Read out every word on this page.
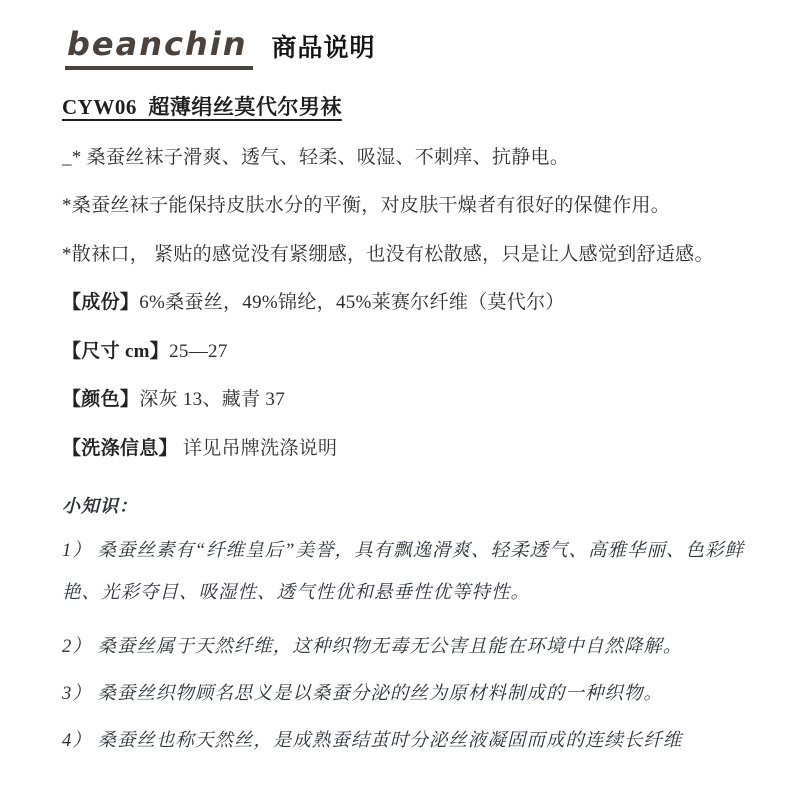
beanchin 商品说明
CYW06  超薄绢丝莫代尔男袜

_* 桑蚕丝袜子滑爽、透气、轻柔、吸湿、不刺痒、抗静电。

*桑蚕丝袜子能保持皮肤水分的平衡，对皮肤干燥者有很好的保健作用。

*散袜口， 紧贴的感觉没有紧绷感，也没有松散感，只是让人感觉到舒适感。

【成份】6%桑蚕丝，49%锦纶，45%莱赛尔纤维（莫代尔）

【尺寸 cm】25—27

【颜色】深灰 13、藏青 37

【洗涤信息】 详见吊牌洗涤说明

小知识：

1） 桑蚕丝素有“纤维皇后”美誉，具有飘逸滑爽、轻柔透气、高雅华丽、色彩鲜艳、光彩夺目、吸湿性、透气性优和悬垂性优等特性。

2） 桑蚕丝属于天然纤维，这种织物无毒无公害且能在环境中自然降解。

3） 桑蚕丝织物顾名思义是以桑蚕分泌的丝为原材料制成的一种织物。

4） 桑蚕丝也称天然丝，是成熟蚕结茧时分泌丝液凝固而成的连续长纤维
